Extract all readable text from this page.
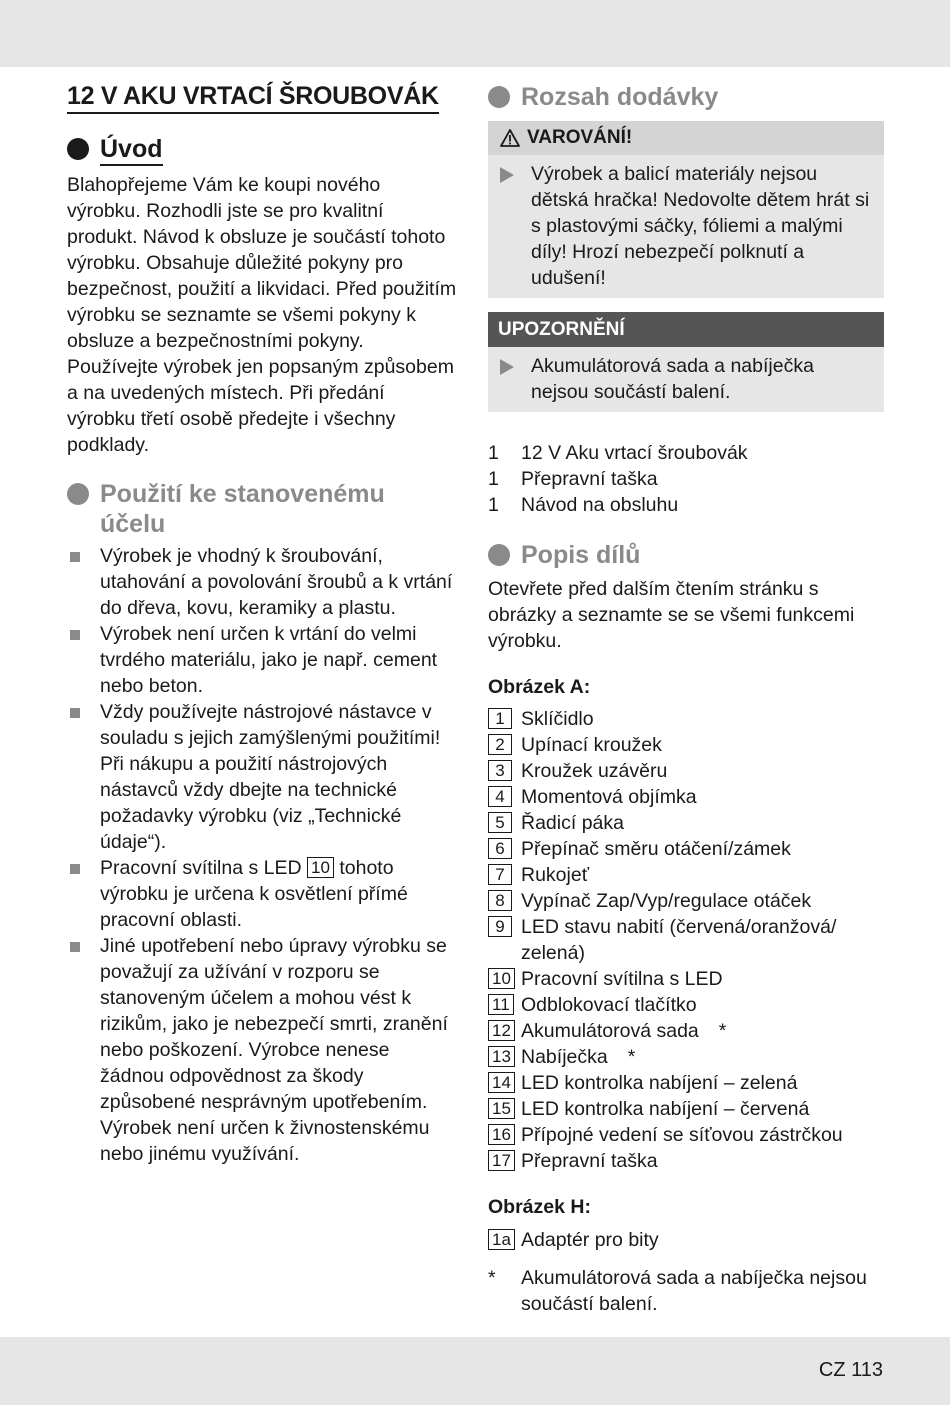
12 V AKU VRTACÍ ŠROUBOVÁK
Úvod

Blahopřejeme Vám ke koupi nového výrobku. Rozhodli jste se pro kvalitní produkt. Návod k obsluze je součástí tohoto výrobku. Obsahuje důležité pokyny pro bezpečnost, použití a likvidaci. Před použitím výrobku se seznamte se všemi pokyny k obsluze a bezpečnostními pokyny. Používejte výrobek jen popsaným způsobem a na uvedených místech. Při předání výrobku třetí osobě předejte i všechny podklady.

Použití ke stanovenému účelu
Výrobek je vhodný k šroubování, utahování a povolování šroubů a k vrtání do dřeva, kovu, keramiky a plastu.
Výrobek není určen k vrtání do velmi tvrdého materiálu, jako je např. cement nebo beton.
Vždy používejte nástrojové nástavce v souladu s jejich zamýšlenými použitími! Při nákupu a použití nástrojových nástavců vždy dbejte na technické požadavky výrobku (viz „Technické údaje“).
Pracovní svítilna s LED 10 tohoto výrobku je určena k osvětlení přímé pracovní oblasti.
Jiné upotřebení nebo úpravy výrobku se považují za užívání v rozporu se stanoveným účelem a mohou vést k rizikům, jako je nebezpečí smrti, zranění nebo poškození. Výrobce nenese žádnou odpovědnost za škody způsobené nesprávným upotřebením. Výrobek není určen k živnostenskému nebo jinému využívání.
Rozsah dodávky
VAROVÁNÍ!
Výrobek a balicí materiály nejsou dětská hračka! Nedovolte dětem hrát si s plastovými sáčky, fóliemi a malými díly! Hrozí nebezpečí polknutí a udušení!
UPOZORNĚNÍ
Akumulátorová sada a nabíječka nejsou součástí balení.
1	12 V Aku vrtací šroubovák
1	Přepravní taška
1	Návod na obsluhu
Popis dílů

Otevřete před dalším čtením stránku s obrázky a seznamte se se všemi funkcemi výrobku.

Obrázek A:

1 Sklíčidlo
2 Upínací kroužek
3 Kroužek uzávěru
4 Momentová objímka
5 Řadicí páka
6 Přepínač směru otáčení/zámek
7 Rukojeť
8 Vypínač Zap/Vyp/regulace otáček
9 LED stavu nabití (červená/oranžová/ zelená)
10 Pracovní svítilna s LED
11 Odblokovací tlačítko
12 Akumulátorová sada *
13 Nabíječka *
14 LED kontrolka nabíjení – zelená
15 LED kontrolka nabíjení – červená
16 Přípojné vedení se síťovou zástrčkou
17 Přepravní taška

Obrázek H:

1a Adaptér pro bity
*	Akumulátorová sada a nabíječka nejsou součástí balení.
CZ 113
